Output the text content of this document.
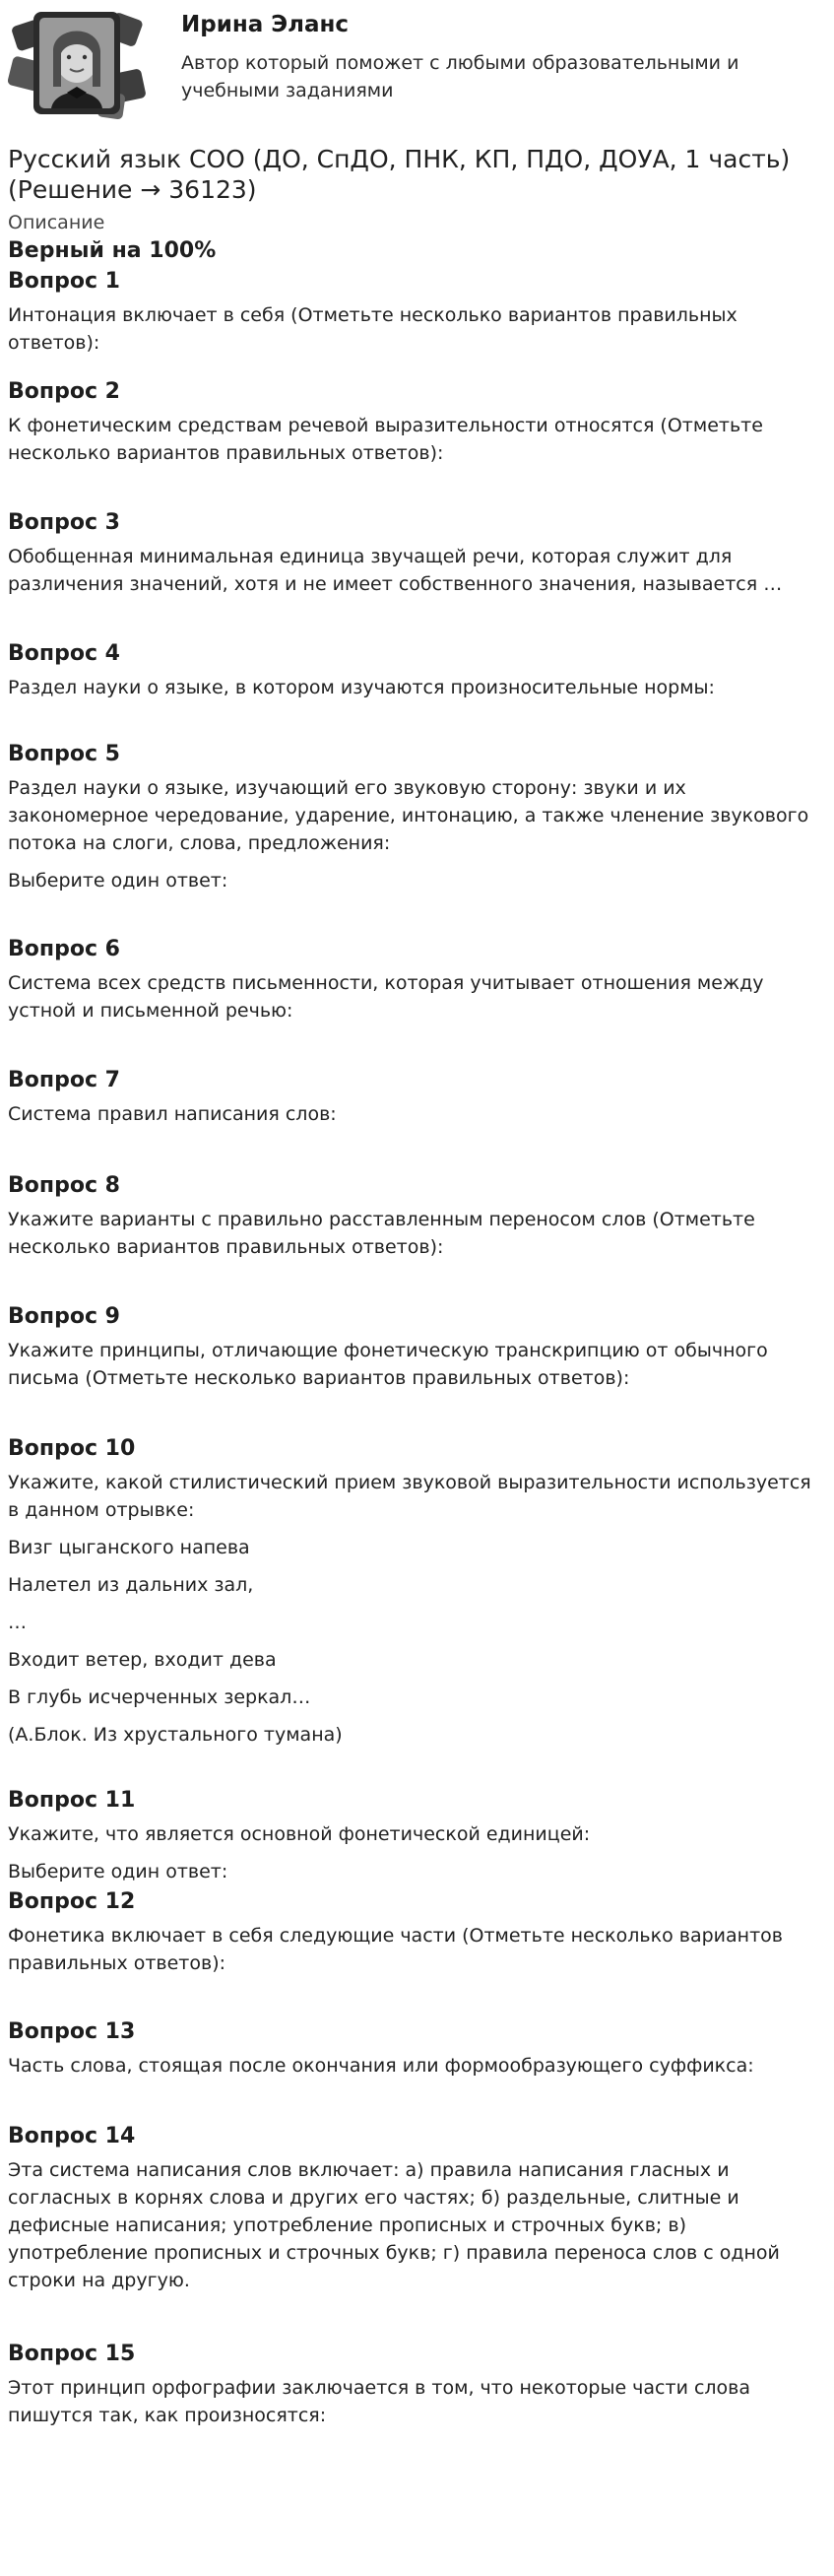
Ирина Эланс

Автор который поможет с любыми образовательными и учебными заданиями

Русский язык СОО (ДО, СпДО, ПНК, КП, ПДО, ДОУА, 1 часть) (Решение → 36123)
Описание
Верный на 100%
Вопрос 1

Интонация включает в себя (Отметьте несколько вариантов правильных ответов):

Вопрос 2

К фонетическим средствам речевой выразительности относятся (Отметьте несколько вариантов правильных ответов):

Вопрос 3

Обобщенная минимальная единица звучащей речи, которая служит для различения значений, хотя и не имеет собственного значения, называется …

Вопрос 4

Раздел науки о языке, в котором изучаются произносительные нормы:

Вопрос 5

Раздел науки о языке, изучающий его звуковую сторону: звуки и их закономерное чередование, ударение, интонацию, а также членение звукового потока на слоги, слова, предложения:

Выберите один ответ:

Вопрос 6

Система всех средств письменности, которая учитывает отношения между устной и письменной речью:

Вопрос 7

Система правил написания слов:

Вопрос 8

Укажите варианты с правильно расставленным переносом слов (Отметьте несколько вариантов правильных ответов):

Вопрос 9

Укажите принципы, отличающие фонетическую транскрипцию от обычного письма (Отметьте несколько вариантов правильных ответов):

Вопрос 10

Укажите, какой стилистический прием звуковой выразительности используется в данном отрывке:

Визг цыганского напева

Налетел из дальних зал,

…

Входит ветер, входит дева

В глубь исчерченных зеркал…

(А.Блок. Из хрустального тумана)

Вопрос 11

Укажите, что является основной фонетической единицей:

Выберите один ответ:

Вопрос 12

Фонетика включает в себя следующие части (Отметьте несколько вариантов правильных ответов):

Вопрос 13

Часть слова, стоящая после окончания или формообразующего суффикса:

Вопрос 14

Эта система написания слов включает: а) правила написания гласных и согласных в корнях слова и других его частях; б) раздельные, слитные и дефисные написания; употребление прописных и строчных букв; в) употребление прописных и строчных букв; г) правила переноса слов с одной строки на другую.

Вопрос 15

Этот принцип орфографии заключается в том, что некоторые части слова пишутся так, как произносятся:
